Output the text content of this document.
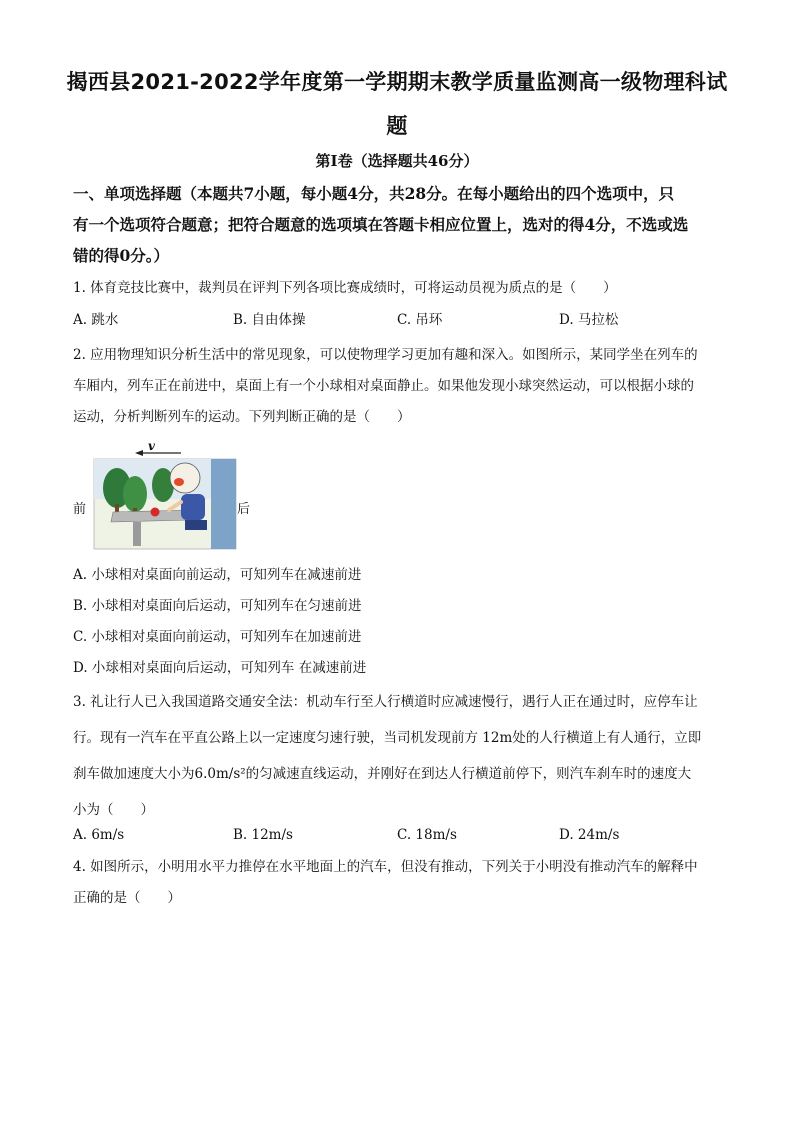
揭西县2021-2022学年度第一学期期末教学质量监测高一级物理科试
题
第Ⅰ卷（选择题共46分）
一、单项选择题（本题共7小题，每小题4分，共28分。在每小题给出的四个选项中，只
有一个选项符合题意；把符合题意的选项填在答题卡相应位置上，选对的得4分，不选或选
错的得0分。）
1. 体育竞技比赛中，裁判员在评判下列各项比赛成绩时，可将运动员视为质点的是（　　）
A. 跳水	B. 自由体操	C. 吊环	D. 马拉松
2. 应用物理知识分析生活中的常见现象，可以使物理学习更加有趣和深入。如图所示，某同学坐在列车的
车厢内，列车正在前进中，桌面上有一个小球相对桌面静止。如果他发现小球突然运动，可以根据小球的
运动，分析判断列车的运动。下列判断正确的是（　　）
v
前	后
A. 小球相对桌面向前运动，可知列车在减速前进
B. 小球相对桌面向后运动，可知列车在匀速前进
C. 小球相对桌面向前运动，可知列车在加速前进
D. 小球相对桌面向后运动，可知列车 在减速前进
3. 礼让行人已入我国道路交通安全法：机动车行至人行横道时应减速慢行，遇行人正在通过时，应停车让
行。现有一汽车在平直公路上以一定速度匀速行驶，当司机发现前方 12m处的人行横道上有人通行，立即
刹车做加速度大小为6.0m/s²的匀减速直线运动，并刚好在到达人行横道前停下，则汽车刹车时的速度大
小为（　　）
A. 6m/s	B. 12m/s	C. 18m/s	D. 24m/s
4. 如图所示，小明用水平力推停在水平地面上的汽车，但没有推动，下列关于小明没有推动汽车的解释中
正确的是（　　）
